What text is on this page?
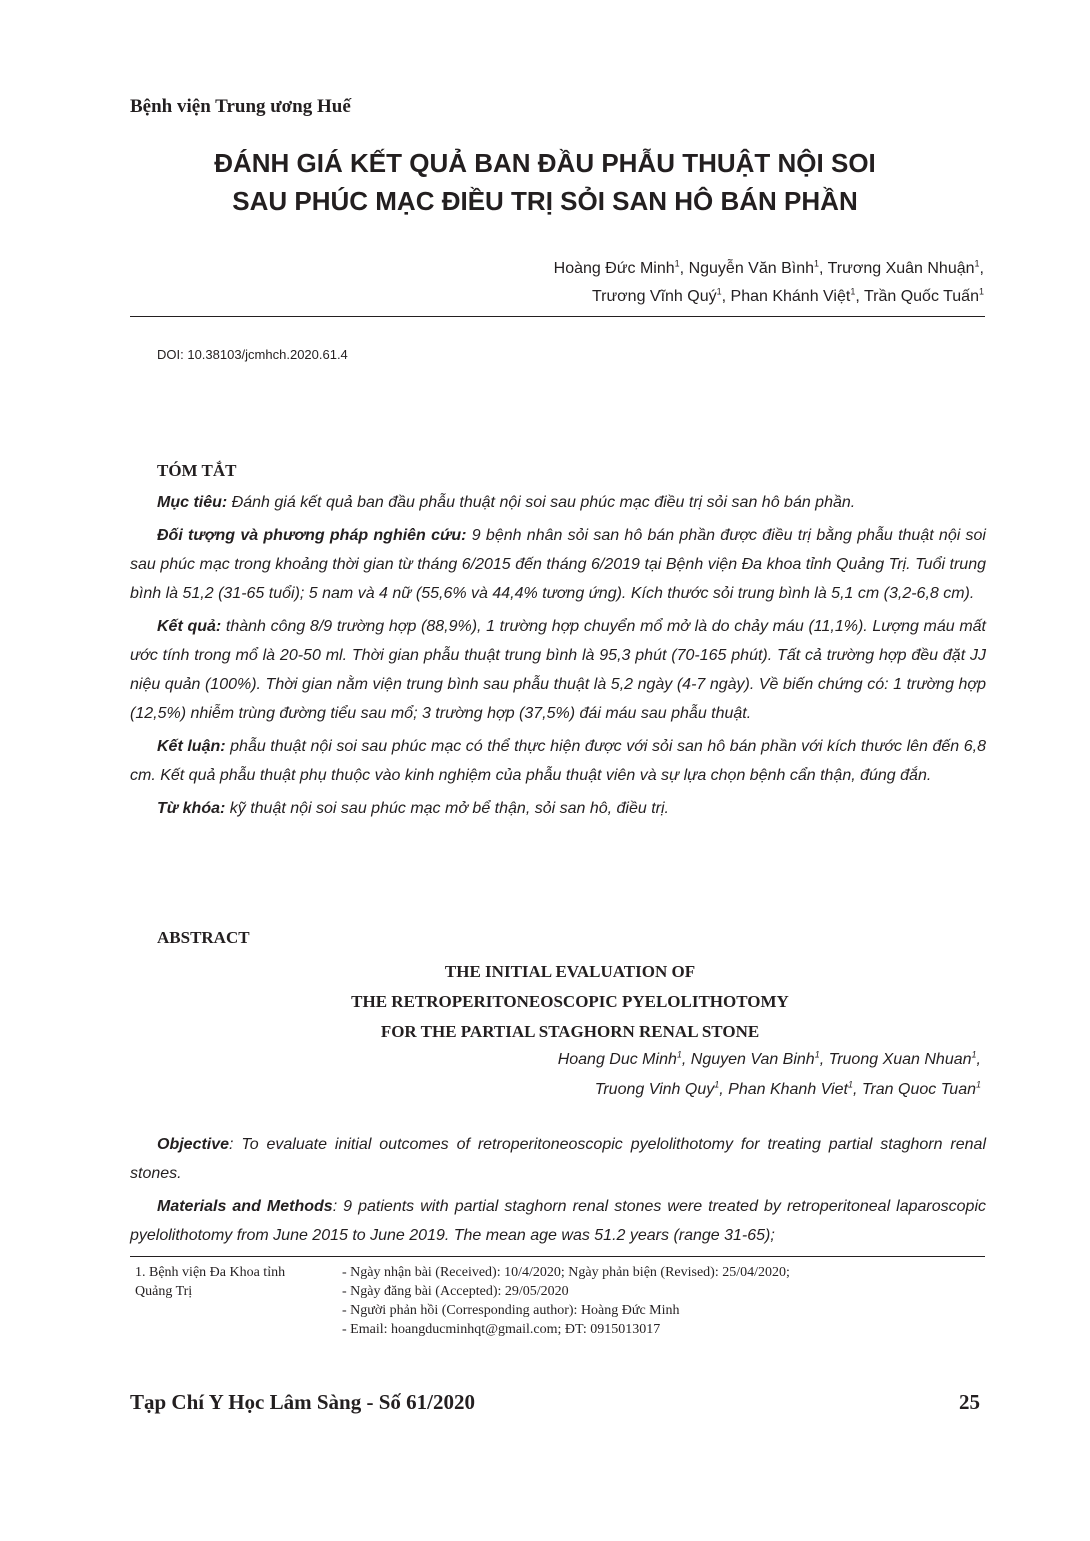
Bệnh viện Trung ương Huế
ĐÁNH GIÁ KẾT QUẢ BAN ĐẦU PHẪU THUẬT NỘI SOI
SAU PHÚC MẠC ĐIỀU TRỊ SỎI SAN HÔ BÁN PHẦN
Hoàng Đức Minh$^1$, Nguyễn Văn Bình$^1$, Trương Xuân Nhuận$^1$,
Trương Vĩnh Quý$^1$, Phan Khánh Việt$^1$, Trần Quốc Tuấn$^1$
DOI: 10.38103/jcmhch.2020.61.4
TÓM TẮT

Mục tiêu: Đánh giá kết quả ban đầu phẫu thuật nội soi sau phúc mạc điều trị sỏi san hô bán phần.

Đối tượng và phương pháp nghiên cứu: 9 bệnh nhân sỏi san hô bán phần được điều trị bằng phẫu thuật nội soi sau phúc mạc trong khoảng thời gian từ tháng 6/2015 đến tháng 6/2019 tại Bệnh viện Đa khoa tỉnh Quảng Trị. Tuổi trung bình là 51,2 (31-65 tuổi); 5 nam và 4 nữ (55,6% và 44,4% tương ứng). Kích thước sỏi trung bình là 5,1 cm (3,2-6,8 cm).

Kết quả: thành công 8/9 trường hợp (88,9%), 1 trường hợp chuyển mổ mở là do chảy máu (11,1%). Lượng máu mất ước tính trong mổ là 20-50 ml. Thời gian phẫu thuật trung bình là 95,3 phút (70-165 phút). Tất cả trường hợp đều đặt JJ niệu quản (100%). Thời gian nằm viện trung bình sau phẫu thuật là 5,2 ngày (4-7 ngày). Về biến chứng có: 1 trường hợp (12,5%) nhiễm trùng đường tiểu sau mổ; 3 trường hợp (37,5%) đái máu sau phẫu thuật.

Kết luận: phẫu thuật nội soi sau phúc mạc có thể thực hiện được với sỏi san hô bán phần với kích thước lên đến 6,8 cm. Kết quả phẫu thuật phụ thuộc vào kinh nghiệm của phẫu thuật viên và sự lựa chọn bệnh cẩn thận, đúng đắn.

Từ khóa: kỹ thuật nội soi sau phúc mạc mở bể thận, sỏi san hô, điều trị.

ABSTRACT
THE INITIAL EVALUATION OF
THE RETROPERITONEOSCOPIC PYELOLITHOTOMY
FOR THE PARTIAL STAGHORN RENAL STONE
Hoang Duc Minh$^1$, Nguyen Van Binh$^1$, Truong Xuan Nhuan$^1$,
Truong Vinh Quy$^1$, Phan Khanh Viet$^1$, Tran Quoc Tuan$^1$

Objective: To evaluate initial outcomes of retroperitoneoscopic pyelolithotomy for treating partial staghorn renal stones.

Materials and Methods: 9 patients with partial staghorn renal stones were treated by retroperitoneal laparoscopic pyelolithotomy from June 2015 to June 2019. The mean age was 51.2 years (range 31-65);

1. Bệnh viện Đa Khoa tỉnh Quảng Trị
- Ngày nhận bài (Received): 10/4/2020; Ngày phản biện (Revised): 25/04/2020;
- Ngày đăng bài (Accepted): 29/05/2020
- Người phản hồi (Corresponding author): Hoàng Đức Minh
- Email: hoangducminhqt@gmail.com; ĐT: 0915013017
Tạp Chí Y Học Lâm Sàng - Số 61/2020	25
